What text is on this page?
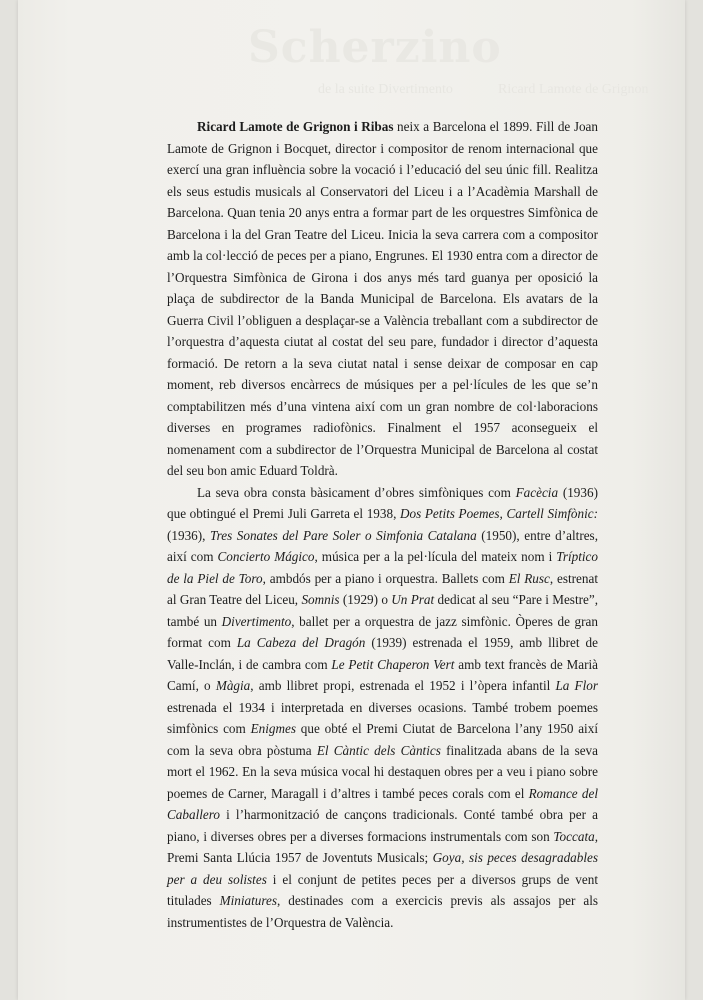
Scherzino
de la suite Divertimento	Ricard Lamote de Grignon

Ricard Lamote de Grignon i Ribas neix a Barcelona el 1899. Fill de Joan Lamote de Grignon i Bocquet, director i compositor de renom internacional que exercí una gran influència sobre la vocació i l’educació del seu únic fill. Realitza els seus estudis musicals al Conservatori del Liceu i a l’Acadèmia Marshall de Barcelona. Quan tenia 20 anys entra a formar part de les orquestres Simfònica de Barcelona i la del Gran Teatre del Liceu. Inicia la seva carrera com a compositor amb la col·lecció de peces per a piano, Engrunes. El 1930 entra com a director de l’Orquestra Simfònica de Girona i dos anys més tard guanya per oposició la plaça de subdirector de la Banda Municipal de Barcelona. Els avatars de la Guerra Civil l’obliguen a desplaçar-se a València treballant com a subdirector de l’orquestra d’aquesta ciutat al costat del seu pare, fundador i director d’aquesta formació. De retorn a la seva ciutat natal i sense deixar de composar en cap moment, reb diversos encàrrecs de músiques per a pel·lícules de les que se’n comptabilitzen més d’una vintena així com un gran nombre de col·laboracions diverses en programes radiofònics. Finalment el 1957 aconsegueix el nomenament com a subdirector de l’Orquestra Municipal de Barcelona al costat del seu bon amic Eduard Toldrà.

La seva obra consta bàsicament d’obres simfòniques com Facècia (1936) que obtingué el Premi Juli Garreta el 1938, Dos Petits Poemes, Cartell Simfònic: (1936), Tres Sonates del Pare Soler o Simfonia Catalana (1950), entre d’altres, així com Concierto Mágico, música per a la pel·lícula del mateix nom i Tríptico de la Piel de Toro, ambdós per a piano i orquestra. Ballets com El Rusc, estrenat al Gran Teatre del Liceu, Somnis (1929) o Un Prat dedicat al seu “Pare i Mestre”, també un Divertimento, ballet per a orquestra de jazz simfònic. Òperes de gran format com La Cabeza del Dragón (1939) estrenada el 1959, amb llibret de Valle-Inclán, i de cambra com Le Petit Chaperon Vert amb text francès de Marià Camí, o Màgia, amb llibret propi, estrenada el 1952 i l’òpera infantil La Flor estrenada el 1934 i interpretada en diverses ocasions. També trobem poemes simfònics com Enigmes que obté el Premi Ciutat de Barcelona l’any 1950 així com la seva obra pòstuma El Càntic dels Càntics finalitzada abans de la seva mort el 1962. En la seva música vocal hi destaquen obres per a veu i piano sobre poemes de Carner, Maragall i d’altres i també peces corals com el Romance del Caballero i l’harmonització de cançons tradicionals. Conté també obra per a piano, i diverses obres per a diverses formacions instrumentals com son Toccata, Premi Santa Llúcia 1957 de Joventuts Musicals; Goya, sis peces desagradables per a deu solistes i el conjunt de petites peces per a diversos grups de vent titulades Miniatures, destinades com a exercicis previs als assajos per als instrumentistes de l’Orquestra de València.
